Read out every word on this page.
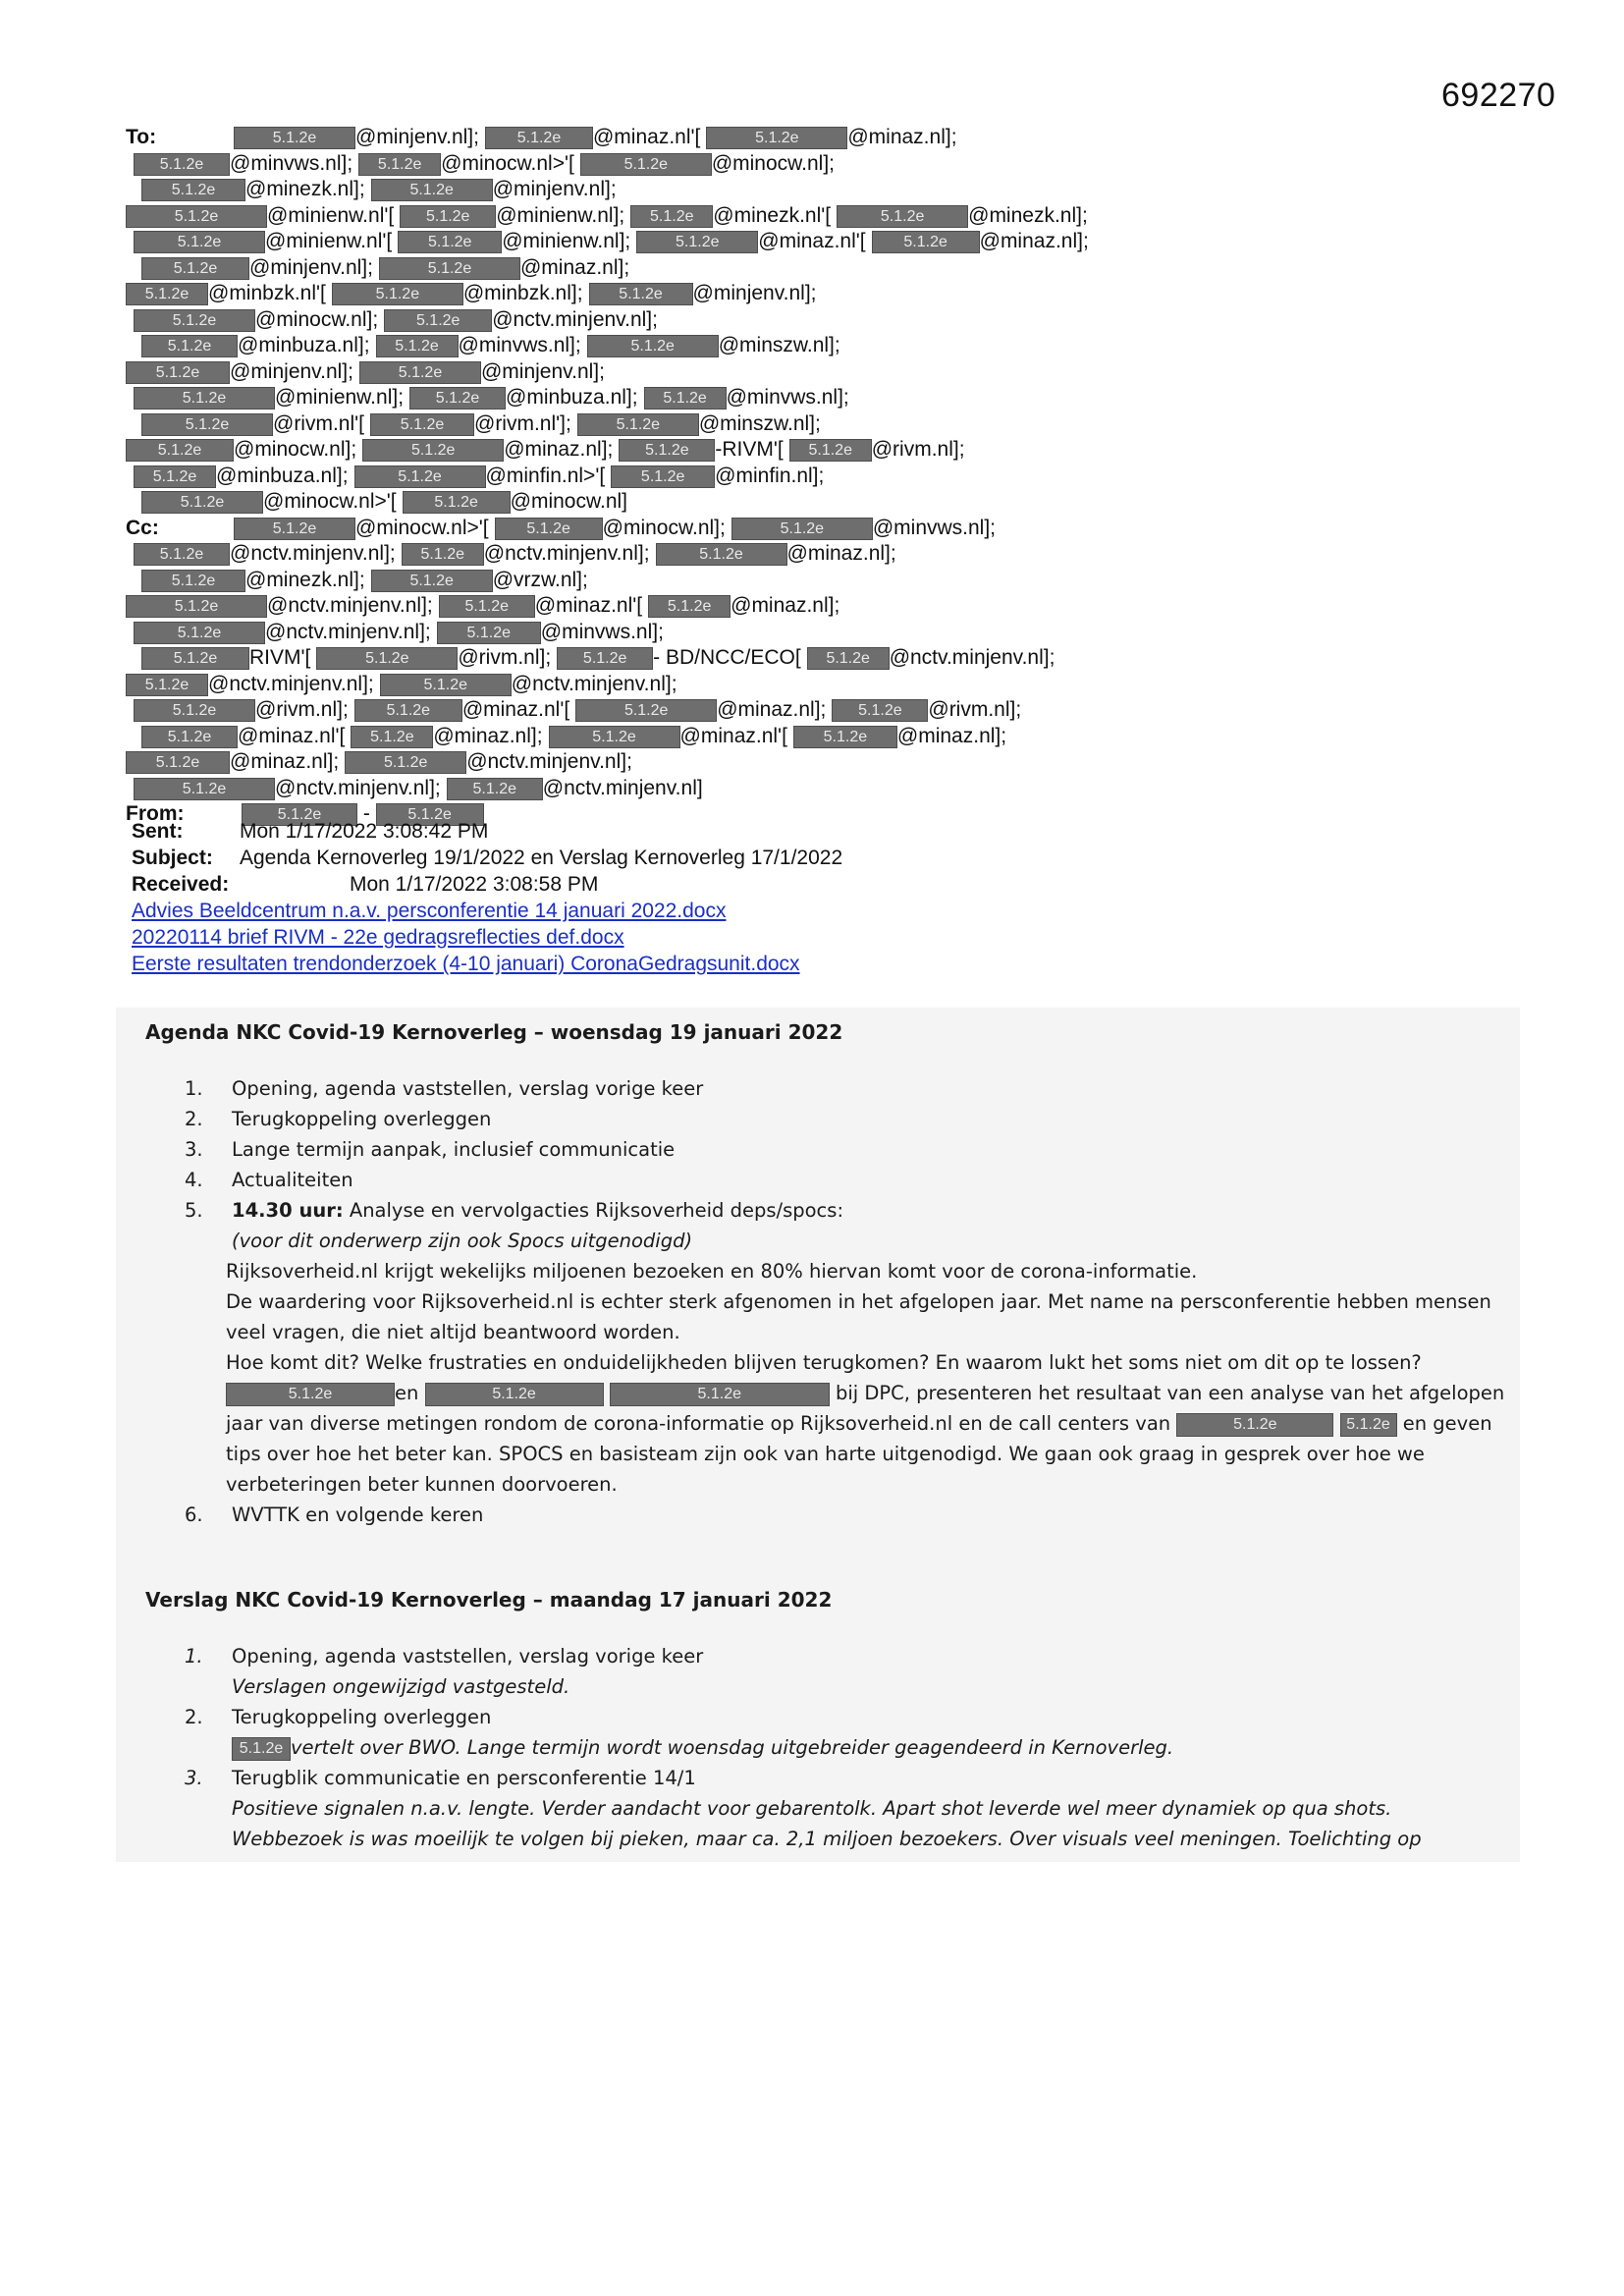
692270
To:	5.1.2e @minjenv.nl]; 5.1.2e @minaz.nl'[	5.1.2e @minaz.nl];
5.1.2e @minvws.nl]; 5.1.2e @minocw.nl>'[	5.1.2e @minocw.nl];
5.1.2e @minezk.nl];	5.1.2e @minjenv.nl];
5.1.2e @minienw.nl'[ 5.1.2e @minienw.nl]; 5.1.2e @minezk.nl'[	5.1.2e @minezk.nl];
5.1.2e @minienw.nl'[ 5.1.2e @minienw.nl];	5.1.2e @minaz.nl'[ 5.1.2e @minaz.nl];
5.1.2e @minjenv.nl];	5.1.2e @minaz.nl];
5.1.2e @minbzk.nl'[	5.1.2e @minbzk.nl]; 5.1.2e @minjenv.nl];
5.1.2e @minocw.nl]; 5.1.2e @nctv.minjenv.nl];
5.1.2e @minbuza.nl]; 5.1.2e @minvws.nl];	5.1.2e @minszw.nl];
5.1.2e @minjenv.nl];	5.1.2e @minjenv.nl];
5.1.2e @minienw.nl]; 5.1.2e @minbuza.nl]; 5.1.2e @minvws.nl];
5.1.2e @rivm.nl'[ 5.1.2e @rivm.nl'];	5.1.2e @minszw.nl];
5.1.2e @minocw.nl];	5.1.2e @minaz.nl]; 5.1.2e -RIVM'[ 5.1.2e @rivm.nl];
5.1.2e @minbuza.nl];	5.1.2e @minfin.nl>'[ 5.1.2e @minfin.nl];
5.1.2e @minocw.nl>'[ 5.1.2e @minocw.nl]
Cc:	5.1.2e @minocw.nl>'[ 5.1.2e @minocw.nl];	5.1.2e @minvws.nl];
5.1.2e @nctv.minjenv.nl]; 5.1.2e @nctv.minjenv.nl];	5.1.2e @minaz.nl];
5.1.2e @minezk.nl];	5.1.2e @vrzw.nl];
5.1.2e @nctv.minjenv.nl]; 5.1.2e @minaz.nl'[ 5.1.2e @minaz.nl];
5.1.2e @nctv.minjenv.nl]; 5.1.2e @minvws.nl];
5.1.2e RIVM'[	5.1.2e @rivm.nl]; 5.1.2e - BD/NCC/ECO[ 5.1.2e @nctv.minjenv.nl];
5.1.2e @nctv.minjenv.nl];	5.1.2e @nctv.minjenv.nl];
5.1.2e @rivm.nl]; 5.1.2e @minaz.nl'[	5.1.2e @minaz.nl]; 5.1.2e @rivm.nl];
5.1.2e @minaz.nl'[ 5.1.2e @minaz.nl];	5.1.2e @minaz.nl'[ 5.1.2e @minaz.nl];
5.1.2e @minaz.nl];	5.1.2e @nctv.minjenv.nl];
5.1.2e @nctv.minjenv.nl]; 5.1.2e @nctv.minjenv.nl]
From:	5.1.2e - 5.1.2e
Sent:	Mon 1/17/2022 3:08:42 PM
Subject: Agenda Kernoverleg 19/1/2022 en Verslag Kernoverleg 17/1/2022
Received:	Mon 1/17/2022 3:08:58 PM
Advies Beeldcentrum n.a.v. persconferentie 14 januari 2022.docx
20220114 brief RIVM - 22e gedragsreflecties def.docx
Eerste resultaten trendonderzoek (4-10 januari) CoronaGedragsunit.docx
Agenda NKC Covid-19 Kernoverleg – woensdag 19 januari 2022
1. Opening, agenda vaststellen, verslag vorige keer
2. Terugkoppeling overleggen
3. Lange termijn aanpak, inclusief communicatie
4. Actualiteiten
5. 14.30 uur: Analyse en vervolgacties Rijksoverheid deps/spocs:
(voor dit onderwerp zijn ook Spocs uitgenodigd)
Rijksoverheid.nl krijgt wekelijks miljoenen bezoeken en 80% hiervan komt voor de corona-informatie.
De waardering voor Rijksoverheid.nl is echter sterk afgenomen in het afgelopen jaar. Met name na persconferentie hebben mensen veel vragen, die niet altijd beantwoord worden.
Hoe komt dit? Welke frustraties en onduidelijkheden blijven terugkomen? En waarom lukt het soms niet om dit op te lossen?
5.1.2e	en	5.1.2e	5.1.2e	bij DPC, presenteren het resultaat van een analyse van het afgelopen jaar van diverse metingen rondom de corona-informatie op Rijksoverheid.nl en de call centers van	5.1.2e	5.1.2e en geven tips over hoe het beter kan. SPOCS en basisteam zijn ook van harte uitgenodigd. We gaan ook graag in gesprek over hoe we verbeteringen beter kunnen doorvoeren.
6. WVTTK en volgende keren
Verslag NKC Covid-19 Kernoverleg – maandag 17 januari 2022
1. Opening, agenda vaststellen, verslag vorige keer
Verslagen ongewijzigd vastgesteld.
2. Terugkoppeling overleggen
5.1.2e vertelt over BWO. Lange termijn wordt woensdag uitgebreider geagendeerd in Kernoverleg.
3. Terugblik communicatie en persconferentie 14/1
Positieve signalen n.a.v. lengte. Verder aandacht voor gebarentolk. Apart shot leverde wel meer dynamiek op qua shots.
Webbezoek is was moeilijk te volgen bij pieken, maar ca. 2,1 miljoen bezoekers. Over visuals veel meningen. Toelichting op
